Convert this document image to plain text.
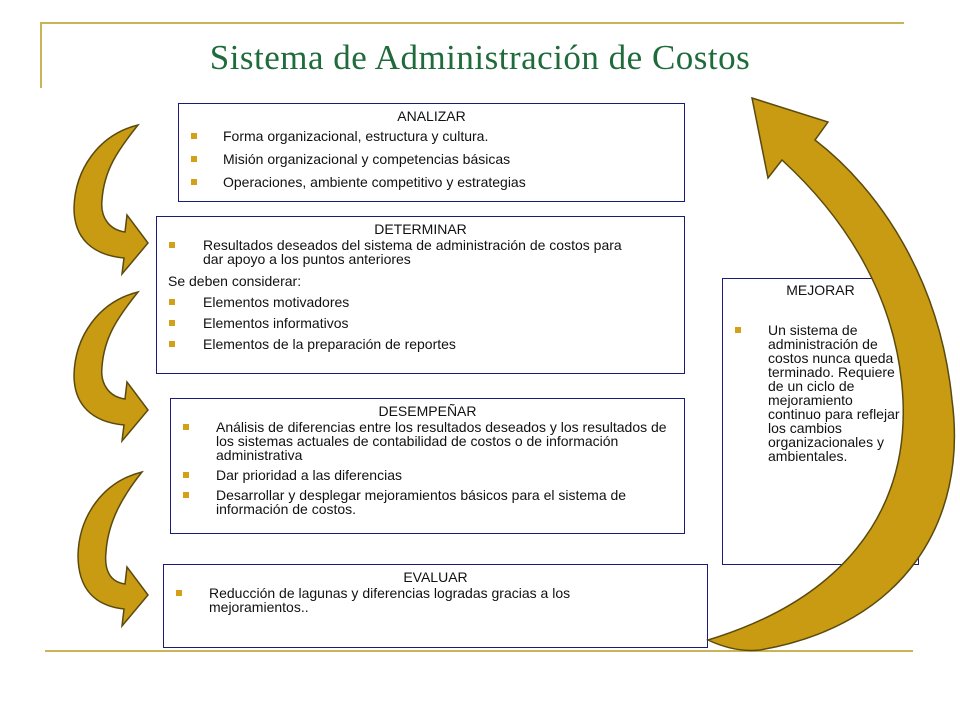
Sistema de Administración de Costos
ANALIZAR
Forma organizacional, estructura y cultura.
Misión organizacional y competencias básicas
Operaciones, ambiente competitivo y estrategias
DETERMINAR
Resultados deseados del sistema de administración de costos para dar apoyo a los puntos anteriores
Se deben considerar:
Elementos motivadores
Elementos informativos
Elementos de la preparación de reportes
DESEMPEÑAR
Análisis de diferencias entre los resultados deseados y los resultados de los sistemas actuales de contabilidad de costos o de información administrativa
Dar prioridad a las diferencias
Desarrollar y desplegar mejoramientos básicos para el sistema de información de costos.
EVALUAR
Reducción de lagunas y diferencias logradas gracias a los mejoramientos..
MEJORAR
Un sistema de administración de costos nunca queda terminado. Requiere de un ciclo de mejoramiento continuo para reflejar los cambios organizacionales y ambientales.
